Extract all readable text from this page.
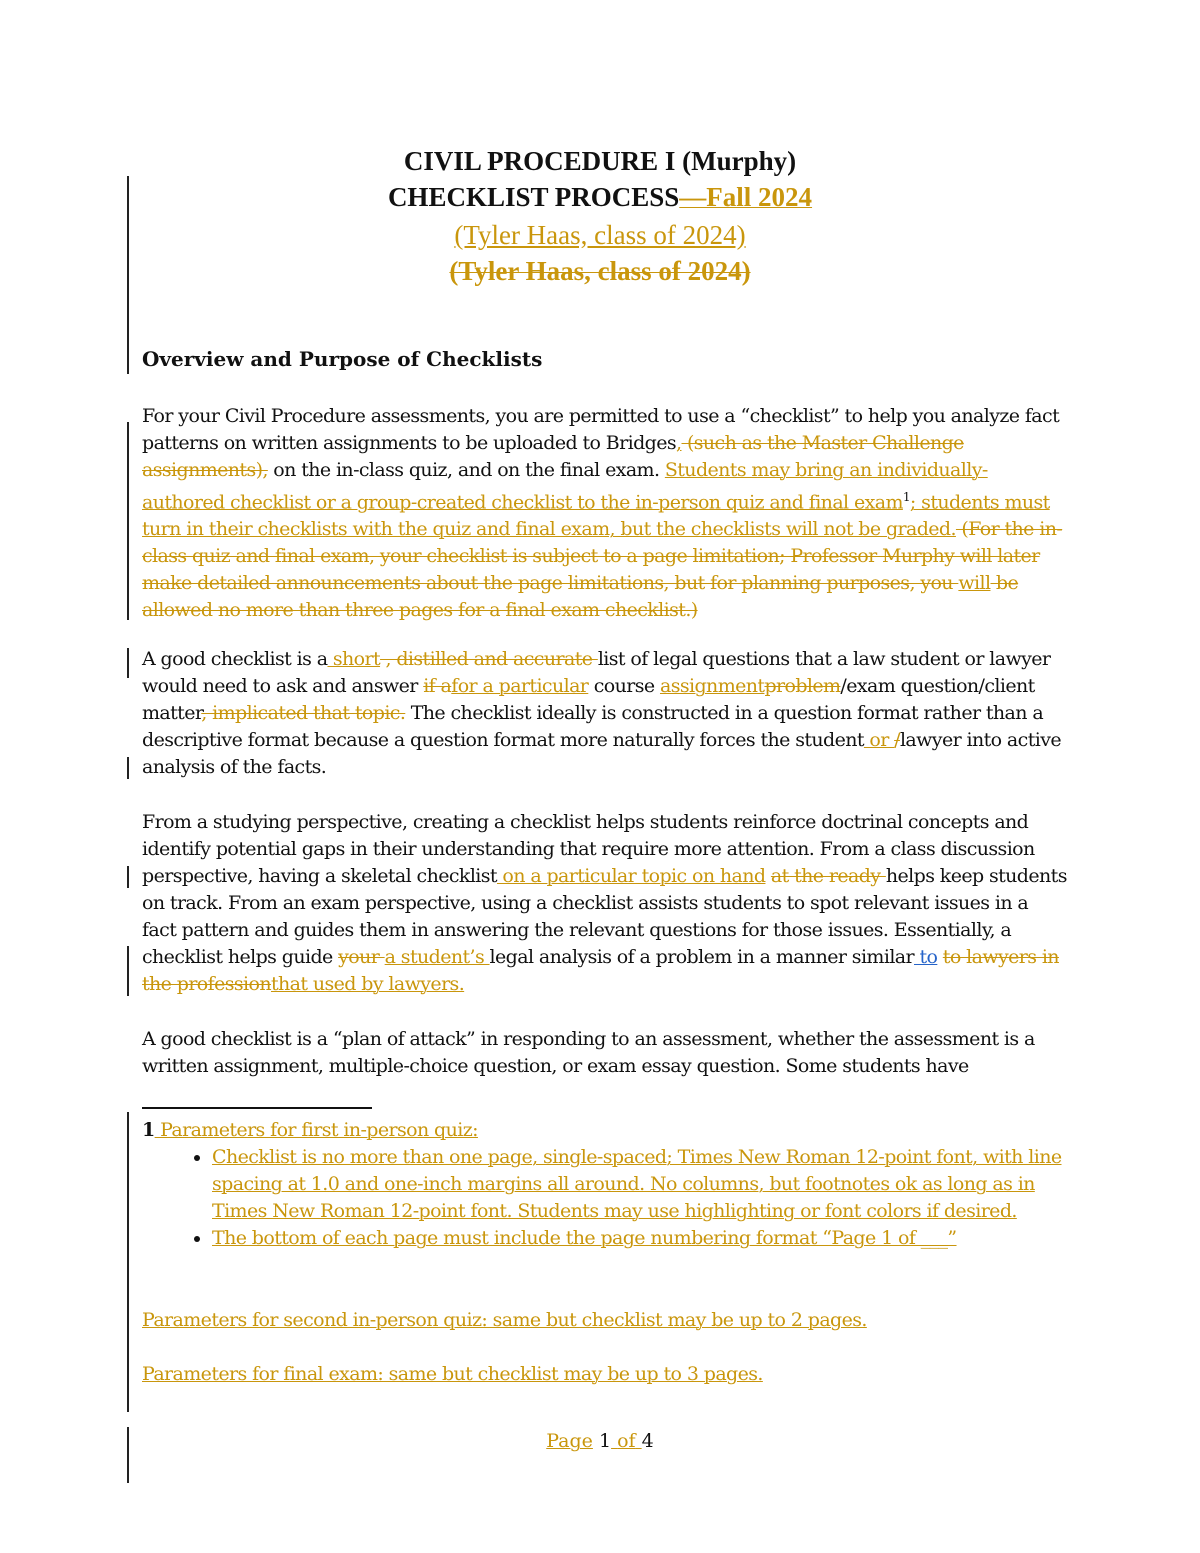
CIVIL PROCEDURE I (Murphy)
CHECKLIST PROCESS—Fall 2024
(Tyler Haas, class of 2024)
(Tyler Haas, class of 2024)
Overview and Purpose of Checklists
For your Civil Procedure assessments, you are permitted to use a “checklist” to help you analyze fact patterns on written assignments to be uploaded to Bridges, (such as the Master Challenge assignments), on the in-class quiz, and on the final exam. Students may bring an individually-authored checklist or a group-created checklist to the in-person quiz and final exam$^1$; students must turn in their checklists with the quiz and final exam, but the checklists will not be graded. (For the in-class quiz and final exam, your checklist is subject to a page limitation; Professor Murphy will later make detailed announcements about the page limitations, but for planning purposes, you will be allowed no more than three pages for a final exam checklist.)
A good checklist is a short , distilled and accurate list of legal questions that a law student or lawyer would need to ask and answer if afor a particular course assignmentproblem/exam question/client matter, implicated that topic. The checklist ideally is constructed in a question format rather than a descriptive format because a question format more naturally forces the student or /lawyer into active analysis of the facts.
From a studying perspective, creating a checklist helps students reinforce doctrinal concepts and identify potential gaps in their understanding that require more attention. From a class discussion perspective, having a skeletal checklist on a particular topic on hand at the ready helps keep students on track. From an exam perspective, using a checklist assists students to spot relevant issues in a fact pattern and guides them in answering the relevant questions for those issues. Essentially, a checklist helps guide your a student’s legal analysis of a problem in a manner similar to to lawyers in the professionthat used by lawyers.
A good checklist is a “plan of attack” in responding to an assessment, whether the assessment is a written assignment, multiple-choice question, or exam essay question. Some students have
1 Parameters for first in-person quiz:
• Checklist is no more than one page, single-spaced; Times New Roman 12-point font, with line spacing at 1.0 and one-inch margins all around. No columns, but footnotes ok as long as in Times New Roman 12-point font. Students may use highlighting or font colors if desired.
• The bottom of each page must include the page numbering format “Page 1 of ___”
Parameters for second in-person quiz: same but checklist may be up to 2 pages.
Parameters for final exam: same but checklist may be up to 3 pages.
Page 1 of 4
